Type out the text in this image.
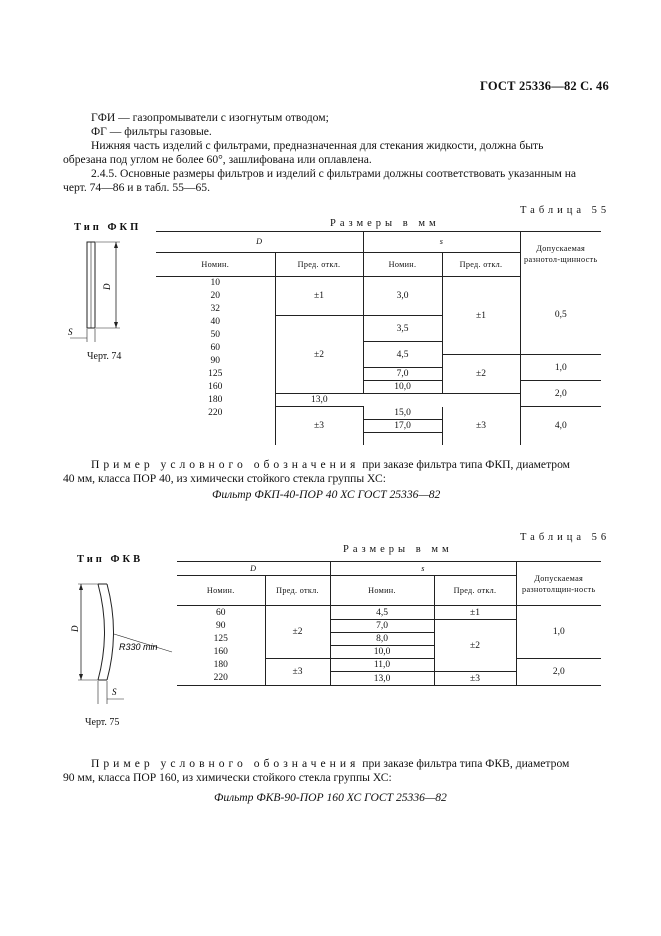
ГОСТ 25336—82 С. 46
ГФИ — газопромыватели с изогнутым отводом;
ФГ — фильтры газовые.
Нижняя часть изделий с фильтрами, предназначенная для стекания жидкости, должна быть
обрезана под углом не более 60°, зашлифована или оплавлена.
2.4.5. Основные размеры фильтров и изделий с фильтрами должны соответствовать указанным на
черт. 74—86 и в табл. 55—65.
Таблица 55
Размеры в мм
Тип ФКП
D
S
Черт. 74
D		s		Допускаемая разнотол-щинность
Номин.	Пред. откл.	Номин.	Пред. откл.	
10	±1	3,0	±1	0,5
20				
32				
40	±2	3,5		
50				
60		4,5		
90			±2	1,0
125		7,0		
160		10,0		2,0
180	13,0			
220	±3	15,0	±3	4,0
		17,0		

Пример условного обозначения при заказе фильтра типа ФКП, диаметром
40 мм, класса ПОР 40, из химически стойкого стекла группы ХС:
Фильтр ФКП-40-ПОР 40 ХС ГОСТ 25336—82
Таблица 56
Размеры в мм
Тип ФКВ
D
R330 min
S
Черт. 75
D		s		Допускаемая разнотолщин-ность
Номин.	Пред. откл.	Номин.	Пред. откл.	
60	±2	4,5	±1	1,0
90		7,0	±2	
125		8,0		
160		10,0		
180	±3	11,0		2,0
220		13,0	±3	
Пример условного обозначения при заказе фильтра типа ФКВ, диаметром
90 мм, класса ПОР 160, из химически стойкого стекла группы ХС:
Фильтр ФКВ-90-ПОР 160 ХС ГОСТ 25336—82
